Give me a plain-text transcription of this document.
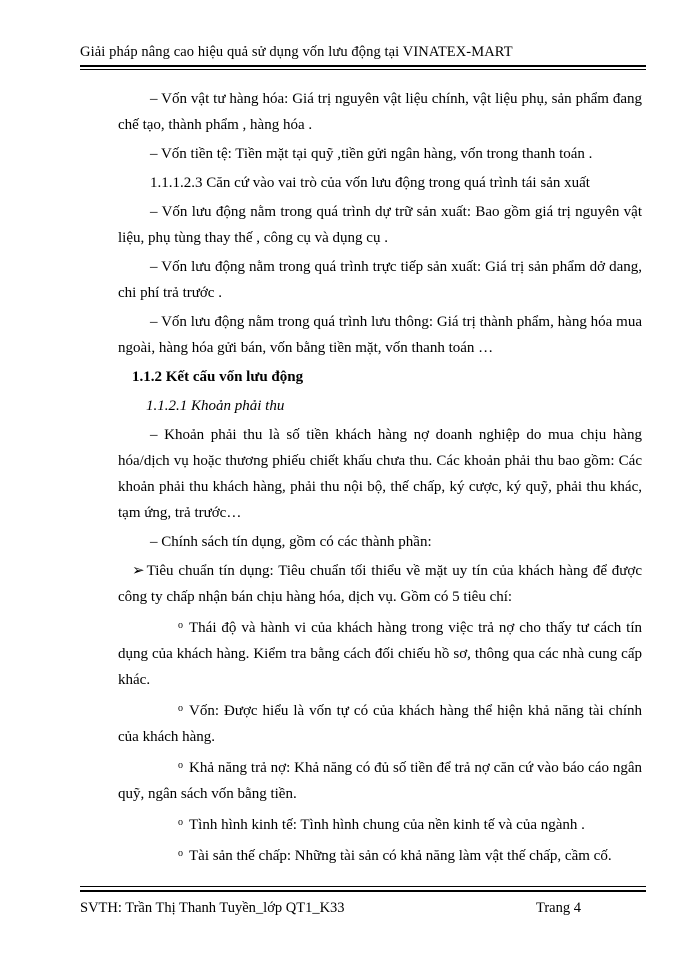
Giải pháp nâng cao hiệu quả sử dụng vốn lưu động tại VINATEX-MART

– Vốn vật tư hàng hóa: Giá trị nguyên vật liệu chính, vật liệu phụ, sản phẩm đang chế tạo, thành phẩm , hàng hóa .

– Vốn tiền tệ: Tiền mặt tại quỹ ,tiền gửi ngân hàng, vốn trong thanh toán .

1.1.1.2.3 Căn cứ vào vai trò của vốn lưu động trong quá trình tái sản xuất

– Vốn lưu động nằm trong quá trình dự trữ sản xuất: Bao gồm giá trị nguyên vật liệu, phụ tùng thay thế , công cụ và dụng cụ .

– Vốn lưu động nằm trong quá trình trực tiếp sản xuất: Giá trị sản phẩm dở dang, chi phí trả trước .

– Vốn lưu động nằm trong quá trình lưu thông: Giá trị thành phẩm, hàng hóa mua ngoài, hàng hóa gửi bán, vốn bằng tiền mặt, vốn thanh toán …

1.1.2 Kết cấu vốn lưu động
1.1.2.1 Khoản phải thu

– Khoản phải thu là số tiền khách hàng nợ doanh nghiệp do mua chịu hàng hóa/dịch vụ hoặc thương phiếu chiết khấu chưa thu. Các khoản phải thu bao gồm: Các khoản phải thu khách hàng, phải thu nội bộ, thế chấp, ký cược, ký quỹ, phải thu khác, tạm ứng, trả trước…

– Chính sách tín dụng, gồm có các thành phần:

➢ Tiêu chuẩn tín dụng: Tiêu chuẩn tối thiểu về mặt uy tín của khách hàng để được công ty chấp nhận bán chịu hàng hóa, dịch vụ. Gồm có 5 tiêu chí:

$^o$ Thái độ và hành vi của khách hàng trong việc trả nợ cho thấy tư cách tín dụng của khách hàng. Kiểm tra bằng cách đối chiếu hồ sơ, thông qua các nhà cung cấp khác.

$^o$ Vốn: Được hiểu là vốn tự có của khách hàng thể hiện khả năng tài chính của khách hàng.

$^o$ Khả năng trả nợ: Khả năng có đủ số tiền để trả nợ căn cứ vào báo cáo ngân quỹ, ngân sách vốn bằng tiền.

$^o$ Tình hình kinh tế: Tình hình chung của nền kinh tế và của ngành .

$^o$ Tài sản thế chấp: Những tài sản có khả năng làm vật thế chấp, cầm cố.

SVTH: Trần Thị Thanh Tuyền_lớp QT1_K33	Trang 4
